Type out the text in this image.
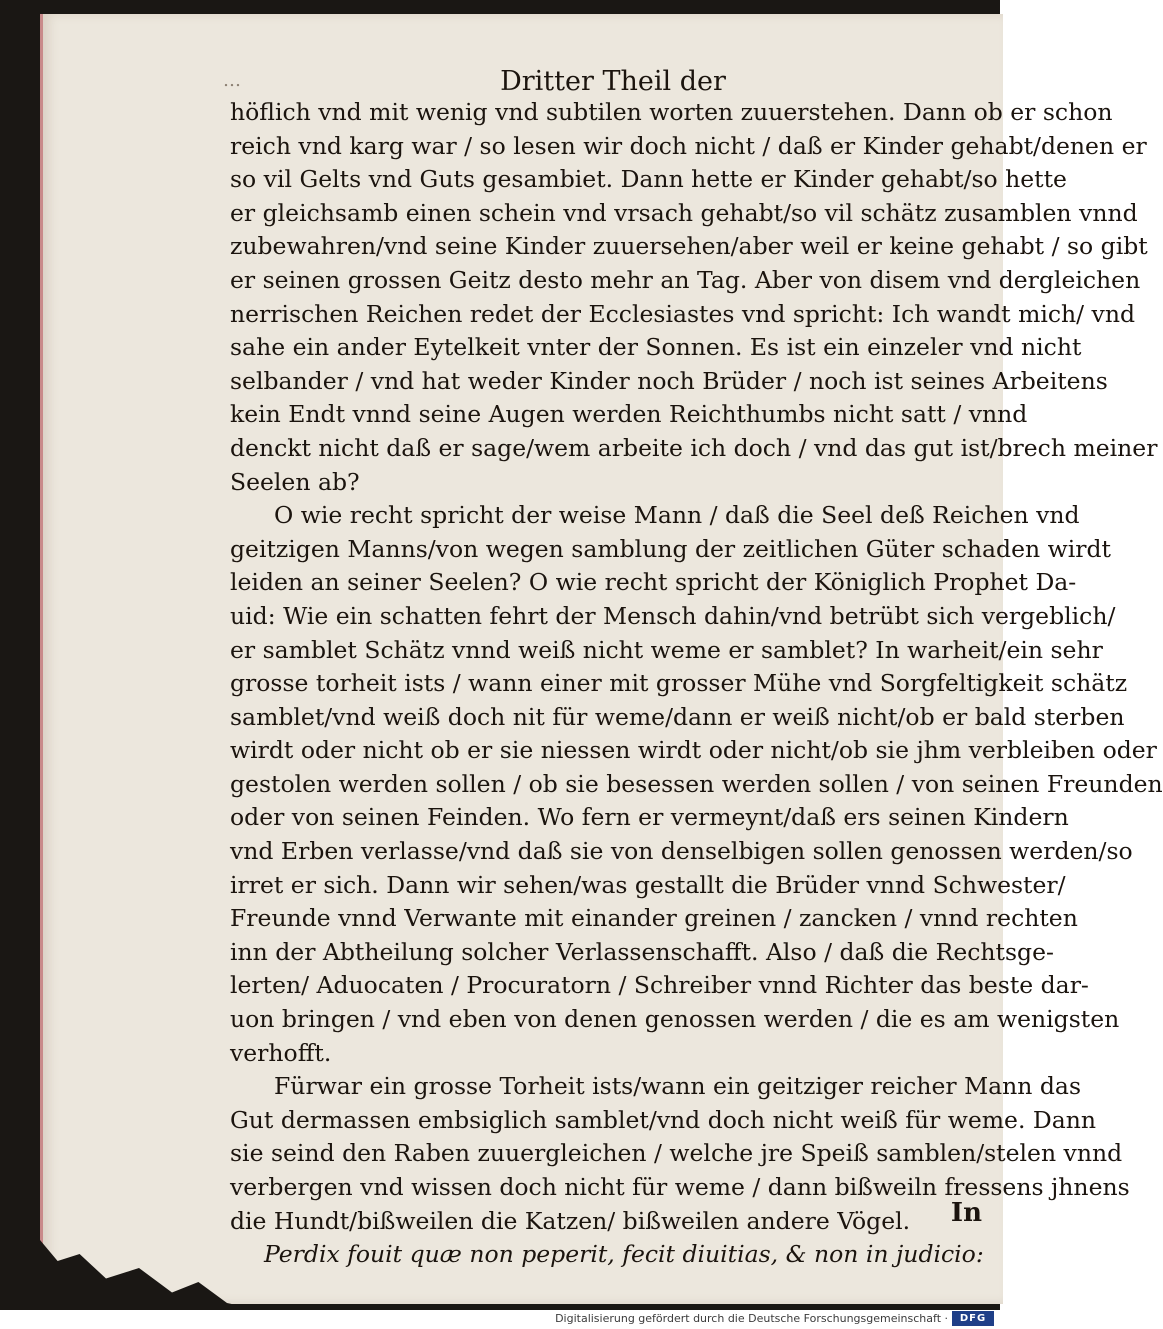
…	Dritter Theil der
höflich vnd mit wenig vnd subtilen worten zuuerstehen. Dann ob er schon
reich vnd karg war / so lesen wir doch nicht / daß er Kinder gehabt/denen er
so vil Gelts vnd Guts gesambiet. Dann hette er Kinder gehabt/so hette
er gleichsamb einen schein vnd vrsach gehabt/so vil schätz zusamblen vnnd
zubewahren/vnd seine Kinder zuuersehen/aber weil er keine gehabt / so gibt
er seinen grossen Geitz desto mehr an Tag. Aber von disem vnd dergleichen
nerrischen Reichen redet der Ecclesiastes vnd spricht: Ich wandt mich/ vnd
sahe ein ander Eytelkeit vnter der Sonnen. Es ist ein einzeler vnd nicht
selbander / vnd hat weder Kinder noch Brüder / noch ist seines Arbeitens
kein Endt vnnd seine Augen werden Reichthumbs nicht satt / vnnd
denckt nicht daß er sage/wem arbeite ich doch / vnd das gut ist/brech meiner
Seelen ab?
O wie recht spricht der weise Mann / daß die Seel deß Reichen vnd
geitzigen Manns/von wegen samblung der zeitlichen Güter schaden wirdt
leiden an seiner Seelen? O wie recht spricht der Königlich Prophet Da-
uid: Wie ein schatten fehrt der Mensch dahin/vnd betrübt sich vergeblich/
er samblet Schätz vnnd weiß nicht weme er samblet? In warheit/ein sehr
grosse torheit ists / wann einer mit grosser Mühe vnd Sorgfeltigkeit schätz
samblet/vnd weiß doch nit für weme/dann er weiß nicht/ob er bald sterben
wirdt oder nicht ob er sie niessen wirdt oder nicht/ob sie jhm verbleiben oder
gestolen werden sollen / ob sie besessen werden sollen / von seinen Freunden
oder von seinen Feinden. Wo fern er vermeynt/daß ers seinen Kindern
vnd Erben verlasse/vnd daß sie von denselbigen sollen genossen werden/so
irret er sich. Dann wir sehen/was gestallt die Brüder vnnd Schwester/
Freunde vnnd Verwante mit einander greinen / zancken / vnnd rechten
inn der Abtheilung solcher Verlassenschafft. Also / daß die Rechtsge-
lerten/ Aduocaten / Procuratorn / Schreiber vnnd Richter das beste dar-
uon bringen / vnd eben von denen genossen werden / die es am wenigsten
verhofft.
Fürwar ein grosse Torheit ists/wann ein geitziger reicher Mann das
Gut dermassen embsiglich samblet/vnd doch nicht weiß für weme. Dann
sie seind den Raben zuuergleichen / welche jre Speiß samblen/stelen vnnd
verbergen vnd wissen doch nicht für weme / dann bißweiln fressens jhnens
die Hundt/bißweilen die Katzen/ bißweilen andere Vögel.
Perdix fouit quæ non peperit, fecit diuitias, & non in judicio:
In
Digitalisierung gefördert durch die Deutsche Forschungsgemeinschaft ·	DFG
